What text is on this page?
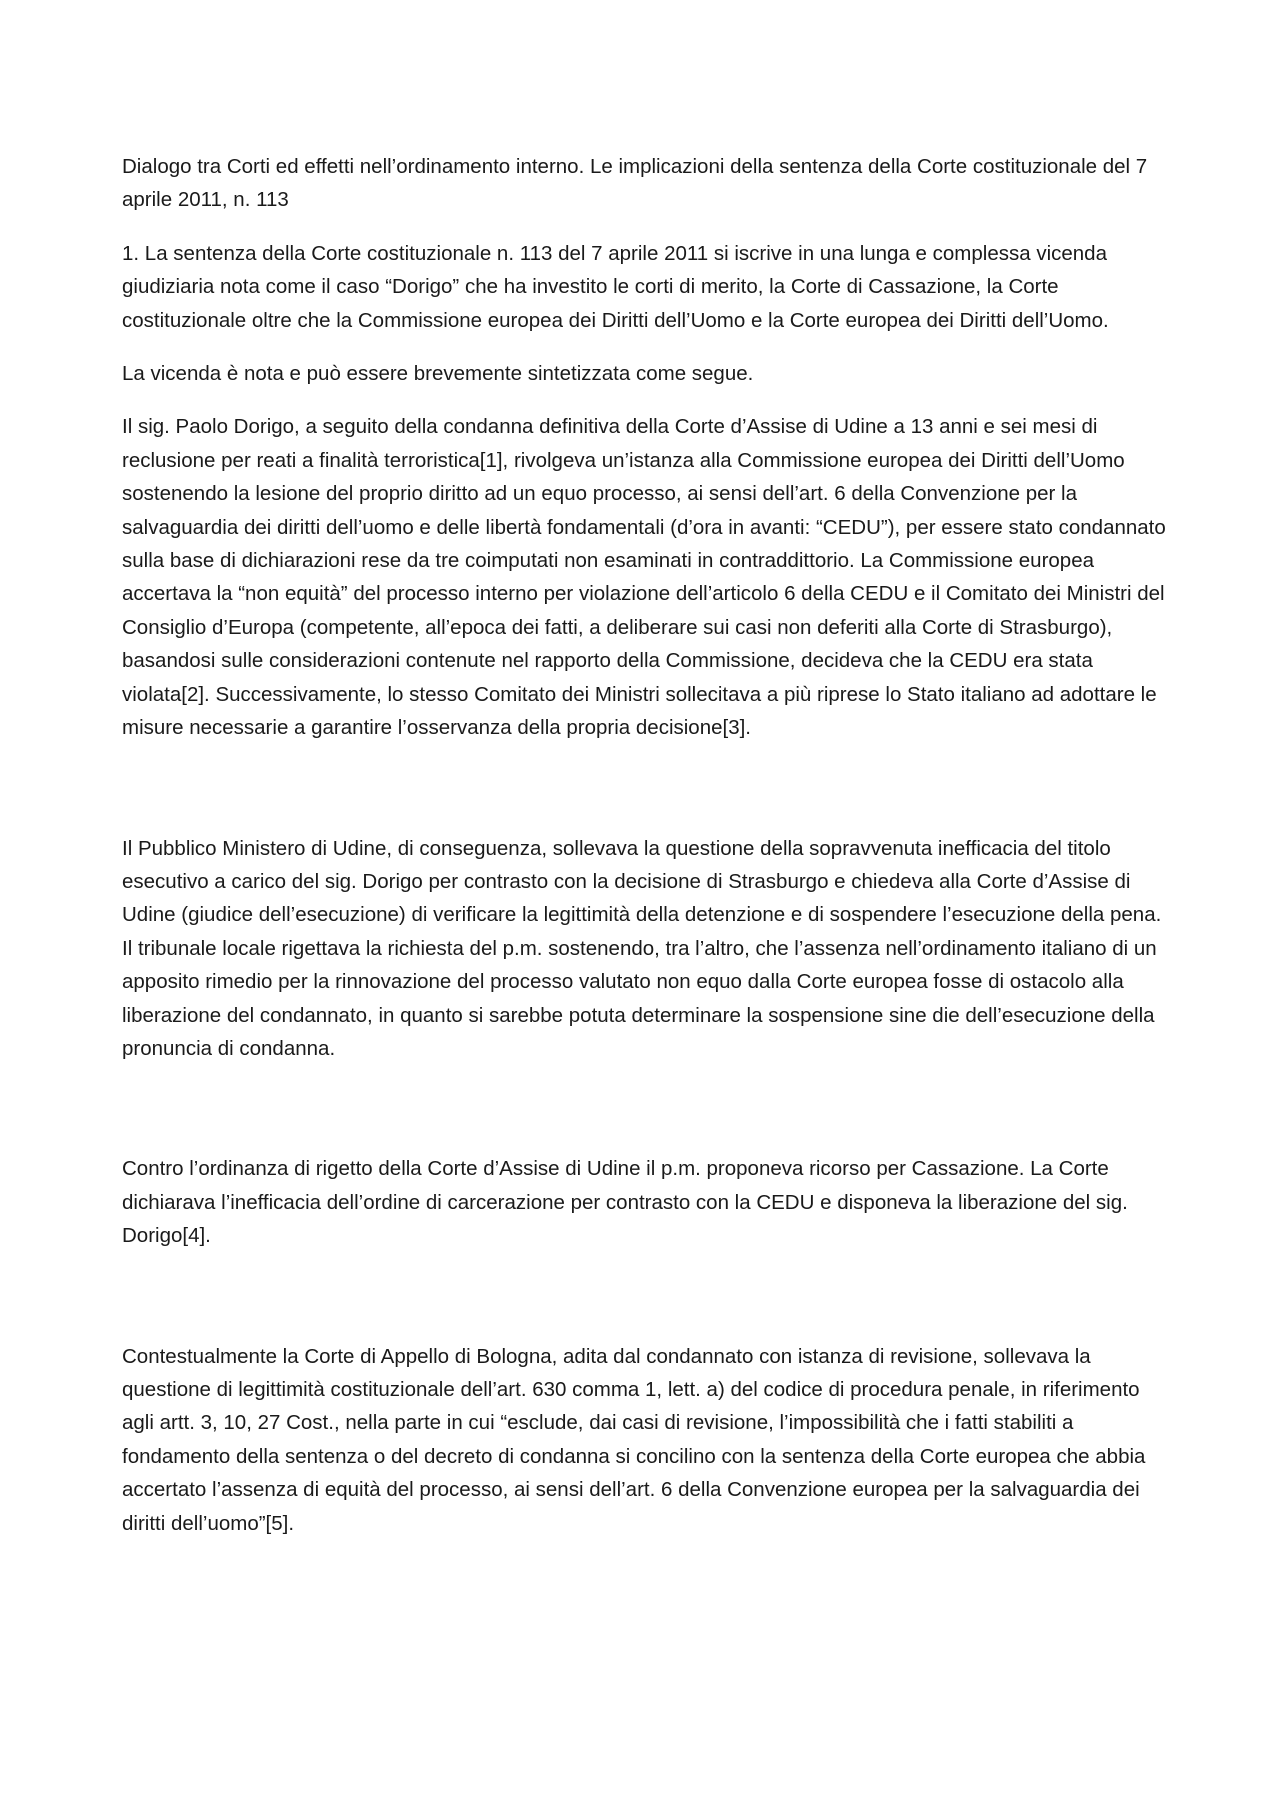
Dialogo tra Corti ed effetti nell’ordinamento interno. Le implicazioni della sentenza della Corte costituzionale del 7 aprile 2011, n. 113

1. La sentenza della Corte costituzionale n. 113 del 7 aprile 2011 si iscrive in una lunga e complessa vicenda giudiziaria nota come il caso “Dorigo” che ha investito le corti di merito, la Corte di Cassazione, la Corte costituzionale oltre che la Commissione europea dei Diritti dell’Uomo e la Corte europea dei Diritti dell’Uomo.

La vicenda è nota e può essere brevemente sintetizzata come segue.

Il sig. Paolo Dorigo, a seguito della condanna definitiva della Corte d’Assise di Udine a 13 anni e sei mesi di reclusione per reati a finalità terroristica[1], rivolgeva un’istanza alla Commissione europea dei Diritti dell’Uomo sostenendo la lesione del proprio diritto ad un equo processo, ai sensi dell’art. 6 della Convenzione per la salvaguardia dei diritti dell’uomo e delle libertà fondamentali (d’ora in avanti: “CEDU”), per essere stato condannato sulla base di dichiarazioni rese da tre coimputati non esaminati in contraddittorio. La Commissione europea accertava la “non equità” del processo interno per violazione dell’articolo 6 della CEDU e il Comitato dei Ministri del Consiglio d’Europa (competente, all’epoca dei fatti, a deliberare sui casi non deferiti alla Corte di Strasburgo), basandosi sulle considerazioni contenute nel rapporto della Commissione, decideva che la CEDU era stata violata[2]. Successivamente, lo stesso Comitato dei Ministri sollecitava a più riprese lo Stato italiano ad adottare le misure necessarie a garantire l’osservanza della propria decisione[3].

Il Pubblico Ministero di Udine, di conseguenza, sollevava la questione della sopravvenuta inefficacia del titolo esecutivo a carico del sig. Dorigo per contrasto con la decisione di Strasburgo e chiedeva alla Corte d’Assise di Udine (giudice dell’esecuzione) di verificare la legittimità della detenzione e di sospendere l’esecuzione della pena. Il tribunale locale rigettava la richiesta del p.m. sostenendo, tra l’altro, che l’assenza nell’ordinamento italiano di un apposito rimedio per la rinnovazione del processo valutato non equo dalla Corte europea fosse di ostacolo alla liberazione del condannato, in quanto si sarebbe potuta determinare la sospensione sine die dell’esecuzione della pronuncia di condanna.

Contro l’ordinanza di rigetto della Corte d’Assise di Udine il p.m. proponeva ricorso per Cassazione. La Corte dichiarava l’inefficacia dell’ordine di carcerazione per contrasto con la CEDU e disponeva la liberazione del sig. Dorigo[4].

Contestualmente la Corte di Appello di Bologna, adita dal condannato con istanza di revisione, sollevava la questione di legittimità costituzionale dell’art. 630 comma 1, lett. a) del codice di procedura penale, in riferimento agli artt. 3, 10, 27 Cost., nella parte in cui “esclude, dai casi di revisione, l’impossibilità che i fatti stabiliti a fondamento della sentenza o del decreto di condanna si concilino con la sentenza della Corte europea che abbia accertato l’assenza di equità del processo, ai sensi dell’art. 6 della Convenzione europea per la salvaguardia dei diritti dell’uomo”[5].
